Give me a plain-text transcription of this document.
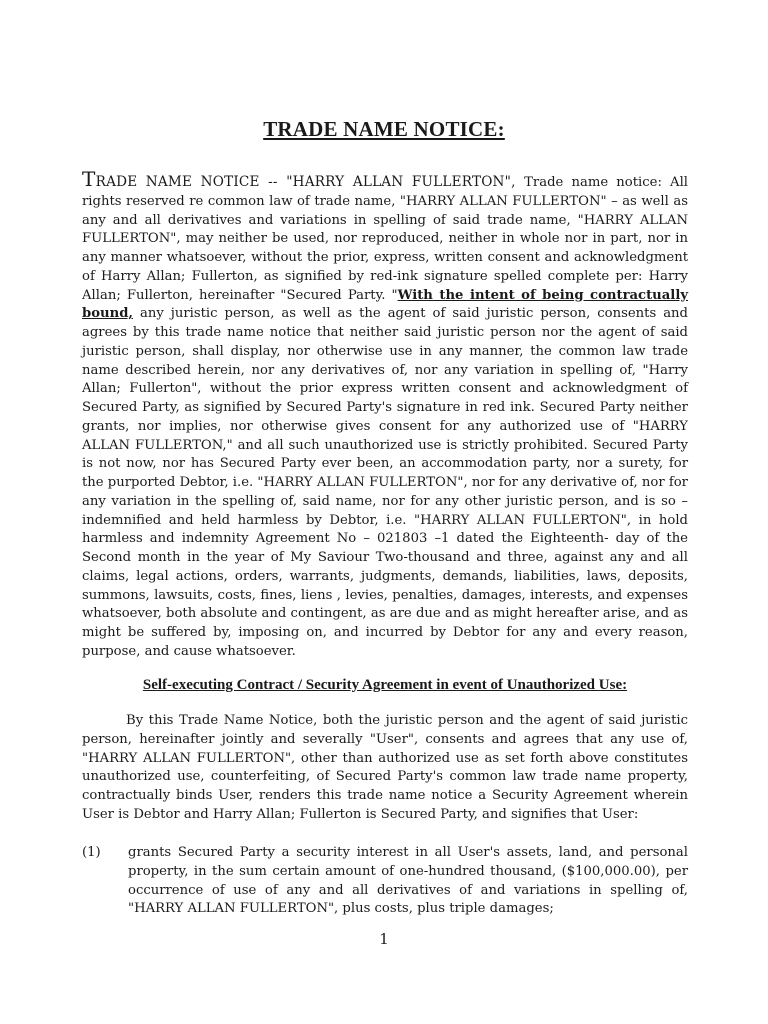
TRADE NAME NOTICE:
TRADE NAME NOTICE -- "HARRY ALLAN FULLERTON", Trade name notice: All rights reserved re common law of trade name, "HARRY ALLAN FULLERTON" – as well as any and all derivatives and variations in spelling of said trade name, "HARRY ALLAN FULLERTON", may neither be used, nor reproduced, neither in whole nor in part, nor in any manner whatsoever, without the prior, express, written consent and acknowledgment of Harry Allan; Fullerton, as signified by red-ink signature spelled complete per: Harry Allan; Fullerton, hereinafter "Secured Party. "With the intent of being contractually bound, any juristic person, as well as the agent of said juristic person, consents and agrees by this trade name notice that neither said juristic person nor the agent of said juristic person, shall display, nor otherwise use in any manner, the common law trade name described herein, nor any derivatives of, nor any variation in spelling of, "Harry Allan; Fullerton", without the prior express written consent and acknowledgment of Secured Party, as signified by Secured Party's signature in red ink. Secured Party neither grants, nor implies, nor otherwise gives consent for any authorized use of "HARRY ALLAN FULLERTON," and all such unauthorized use is strictly prohibited. Secured Party is not now, nor has Secured Party ever been, an accommodation party, nor a surety, for the purported Debtor, i.e. "HARRY ALLAN FULLERTON", nor for any derivative of, nor for any variation in the spelling of, said name, nor for any other juristic person, and is so – indemnified and held harmless by Debtor, i.e. "HARRY ALLAN FULLERTON", in hold harmless and indemnity Agreement No – 021803 –1 dated the Eighteenth- day of the Second month in the year of My Saviour Two-thousand and three, against any and all claims, legal actions, orders, warrants, judgments, demands, liabilities, laws, deposits, summons, lawsuits, costs, fines, liens , levies, penalties, damages, interests, and expenses whatsoever, both absolute and contingent, as are due and as might hereafter arise, and as might be suffered by, imposing on, and incurred by Debtor for any and every reason, purpose, and cause whatsoever.
Self-executing Contract / Security Agreement in event of Unauthorized Use:
By this Trade Name Notice, both the juristic person and the agent of said juristic person, hereinafter jointly and severally "User", consents and agrees that any use of, "HARRY ALLAN FULLERTON", other than authorized use as set forth above constitutes unauthorized use, counterfeiting, of Secured Party's common law trade name property, contractually binds User, renders this trade name notice a Security Agreement wherein User is Debtor and Harry Allan; Fullerton is Secured Party, and signifies that User:
(1) grants Secured Party a security interest in all User's assets, land, and personal property, in the sum certain amount of one-hundred thousand, ($100,000.00), per occurrence of use of any and all derivatives of and variations in spelling of, "HARRY ALLAN FULLERTON", plus costs, plus triple damages;
1
